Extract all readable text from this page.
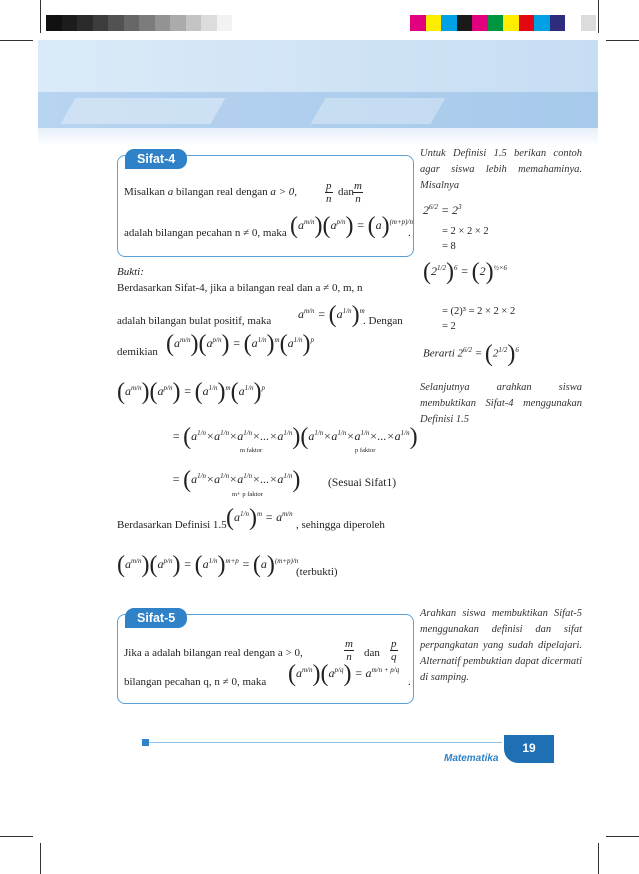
Sifat-4
Misalkan a bilangan real dengan a > 0,	$\frac{p}{n}$ dan $\frac{m}{n}$
adalah bilangan pecahan n ≠ 0, maka $(a^{m/n})(a^{p/n}) = (a)^{(m+p)/n}$
.
Untuk Definisi 1.5 berikan contoh agar siswa lebih memahaminya. Misalnya
$2^{6/2} = 2^3$
= 2 × 2 × 2
= 8
$(2^{1/2})^6 = (2)^{\frac{1}{2}\times 6}$
= (2)³ = 2 × 2 × 2
= 2
Berarti $2^{6/2} = (2^{1/2})^6$
Selanjutnya arahkan siswa membuktikan Sifat-4 menggunakan Definisi 1.5
Bukti:
Berdasarkan Sifat-4, jika a bilangan real dan a ≠ 0, m, n
adalah bilangan bulat positif, maka
$a^{m/n} = (a^{1/n})^m$
. Dengan
demikian $(a^{m/n})(a^{p/n}) = (a^{1/n})^m(a^{1/n})^p$
$(a^{m/n})(a^{p/n}) = (a^{1/n})^m(a^{1/n})^p$
= $(a^{1/n}\times a^{1/n}\times a^{1/n}\times...\times a^{1/n})(a^{1/n}\times a^{1/n}\times a^{1/n}\times...\times a^{1/n})$
m faktor	p faktor
= $(a^{1/n}\times a^{1/n}\times a^{1/n}\times...\times a^{1/n})$
m+ p faktor
(Sesuai Sifat1)
Berdasarkan Definisi 1.5 $(a^{1/n})^m = a^{m/n}$
, sehingga diperoleh
$(a^{m/n})(a^{p/n}) = (a^{1/n})^{m+p} = (a)^{(m+p)/n}$
(terbukti)
Sifat-5
Jika a adalah bilangan real dengan a > 0,	$\frac{m}{n}$ dan $\frac{p}{q}$
bilangan pecahan q, n ≠ 0, maka $(a^{m/n})(a^{p/q}) = a^{m/n + p/q}$
.
Arahkan siswa membuktikan Sifat-5 menggunakan definisi dan sifat perpangkatan yang sudah dipelajari. Alternatif pembuktian dapat dicermati di samping.
Matematika
19
